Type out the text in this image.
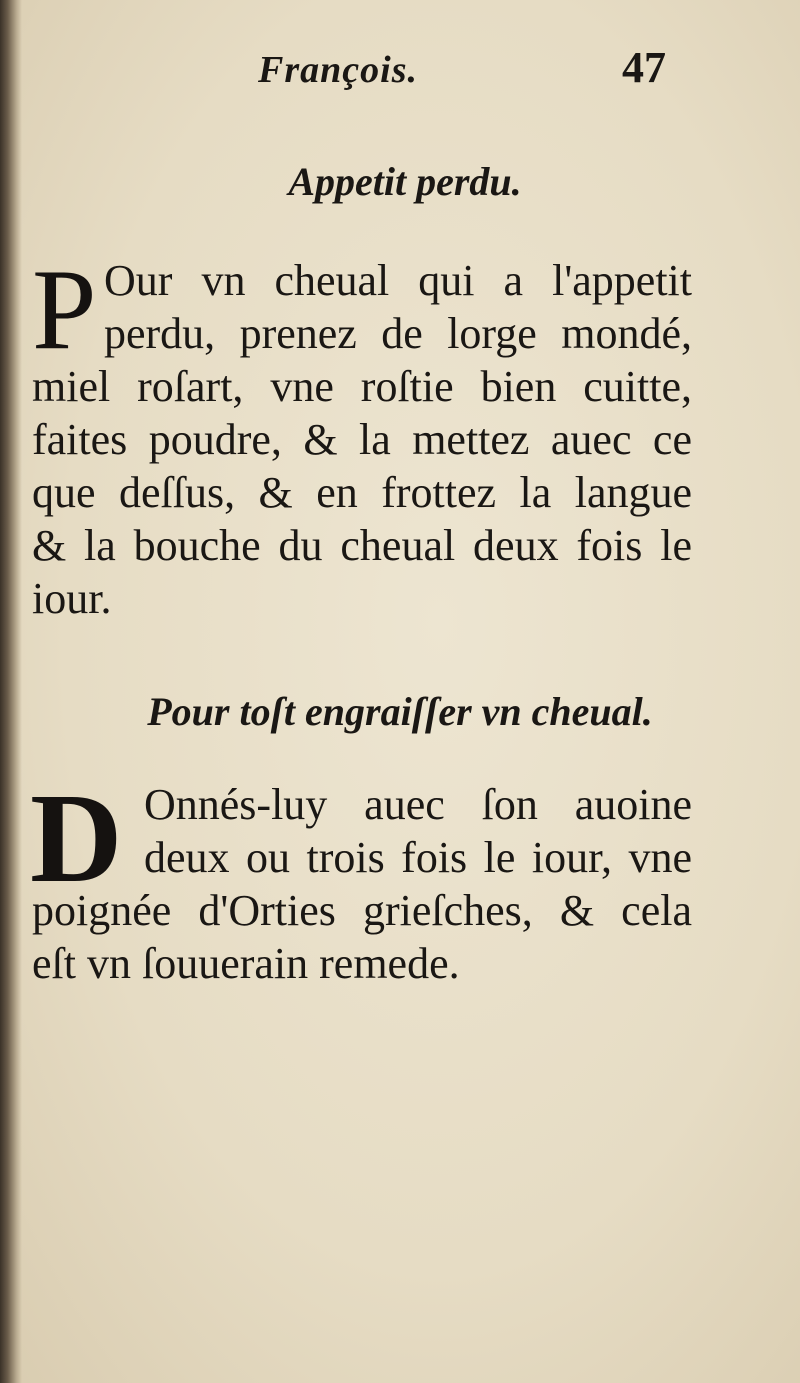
François.	47
Appetit perdu.
P Our vn cheual qui a l'appetit
perdu, prenez de lorge mondé,
miel roſart, vne roſtie bien cuitte,
faites poudre, & la mettez auec ce
que deſſus, & en frottez la langue
& la bouche du cheual deux fois le
iour.
Pour toſt engraiſſer vn cheual.
D Onnés-luy auec ſon auoine
deux ou trois fois le iour, vne
poignée d'Orties grieſches, & cela
eſt vn ſouuerain remede.
